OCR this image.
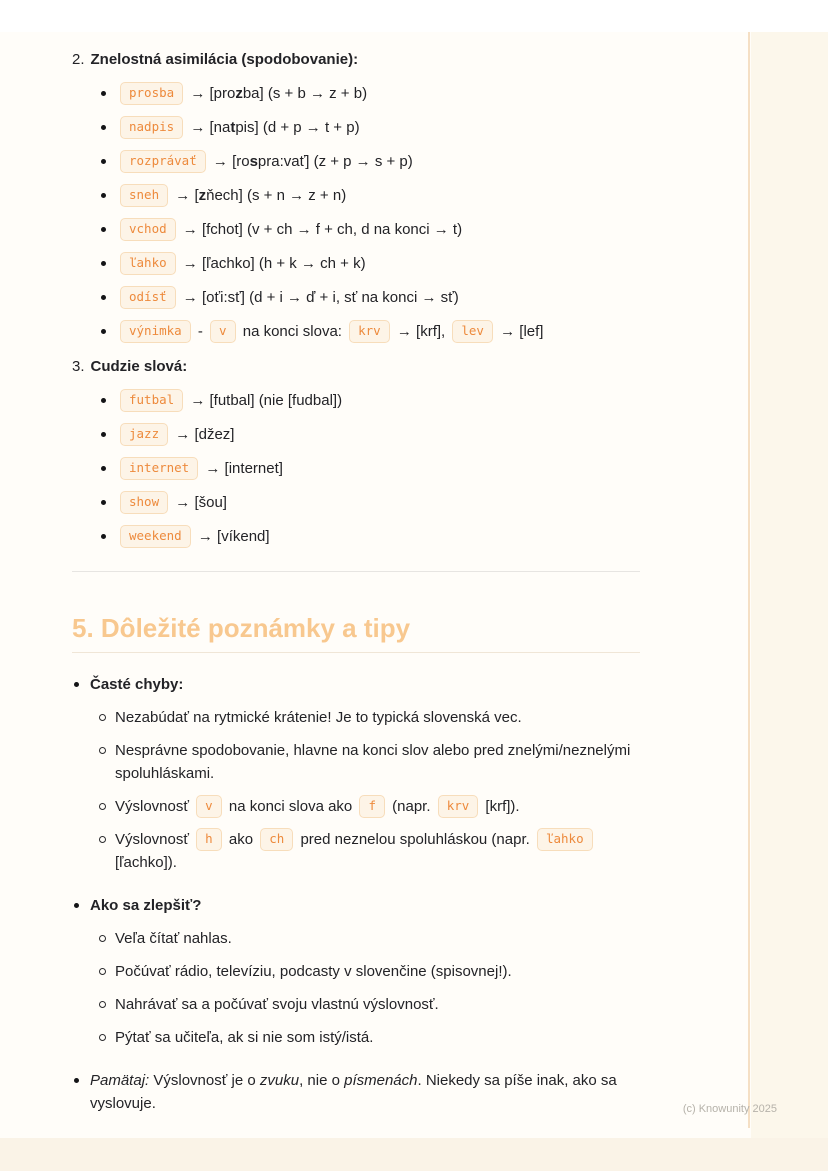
2. Znelostná asimilácia (spodobovanie):
prosba → [prozba] (s + b → z + b)
nadpis → [natpis] (d + p → t + p)
rozprávať → [rospra:vať] (z + p → s + p)
sneh → [zňech] (s + n → z + n)
vchod → [fchot] (v + ch → f + ch, d na konci → t)
ľahko → [ľachko] (h + k → ch + k)
odísť → [oťi:sť] (d + i → ď + i, sť na konci → sť)
výnimka - v na konci slova: krv → [krf], lev → [lef]
3. Cudzie slová:
futbal → [futbal] (nie [fudbal])
jazz → [džez]
internet → [internet]
show → [šou]
weekend → [víkend]
5. Dôležité poznámky a tipy
Časté chyby:
Nezabúdať na rytmické krátenie! Je to typická slovenská vec.
Nesprávne spodobovanie, hlavne na konci slov alebo pred znelými/neznelými spoluhláskami.
Výslovnosť v na konci slova ako f (napr. krv [krf]).
Výslovnosť h ako ch pred neznelou spoluhláskou (napr. ľahko [ľachko]).
Ako sa zlepšiť?
Veľa čítať nahlas.
Počúvať rádio, televíziu, podcasty v slovenčine (spisovnej!).
Nahrávať sa a počúvať svoju vlastnú výslovnosť.
Pýtať sa učiteľa, ak si nie som istý/istá.
Pamätaj: Výslovnosť je o zvuku, nie o písmenách. Niekedy sa píše inak, ako sa vyslovuje.	(c) Knowunity 2025
